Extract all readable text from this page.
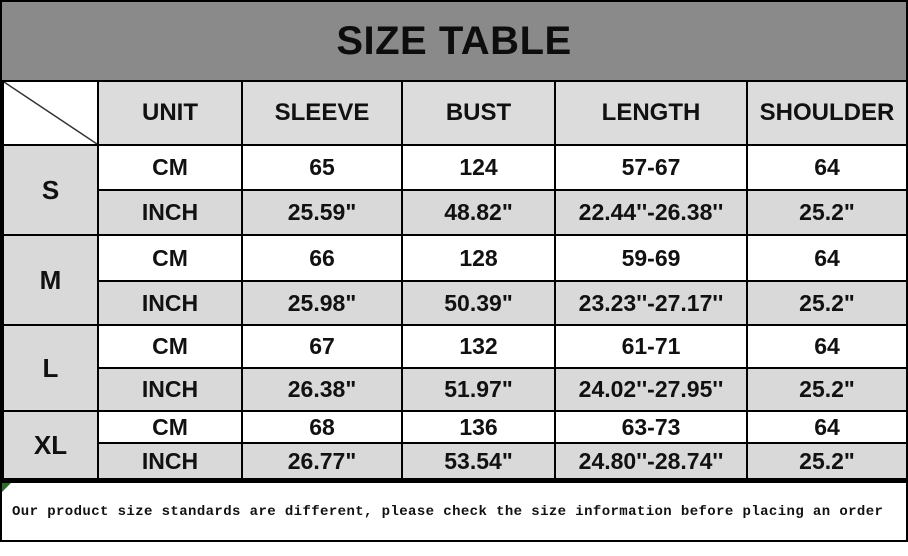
SIZE TABLE
	UNIT	SLEEVE	BUST	LENGTH	SHOULDER
S	CM	65	124	57-67	64
	INCH	25.59"	48.82"	22.44''-26.38''	25.2"
M	CM	66	128	59-69	64
	INCH	25.98"	50.39"	23.23''-27.17''	25.2"
L	CM	67	132	61-71	64
	INCH	26.38"	51.97"	24.02''-27.95''	25.2"
XL	CM	68	136	63-73	64
	INCH	26.77"	53.54"	24.80''-28.74''	25.2"
Our product size standards are different, please check the size information before placing an order
